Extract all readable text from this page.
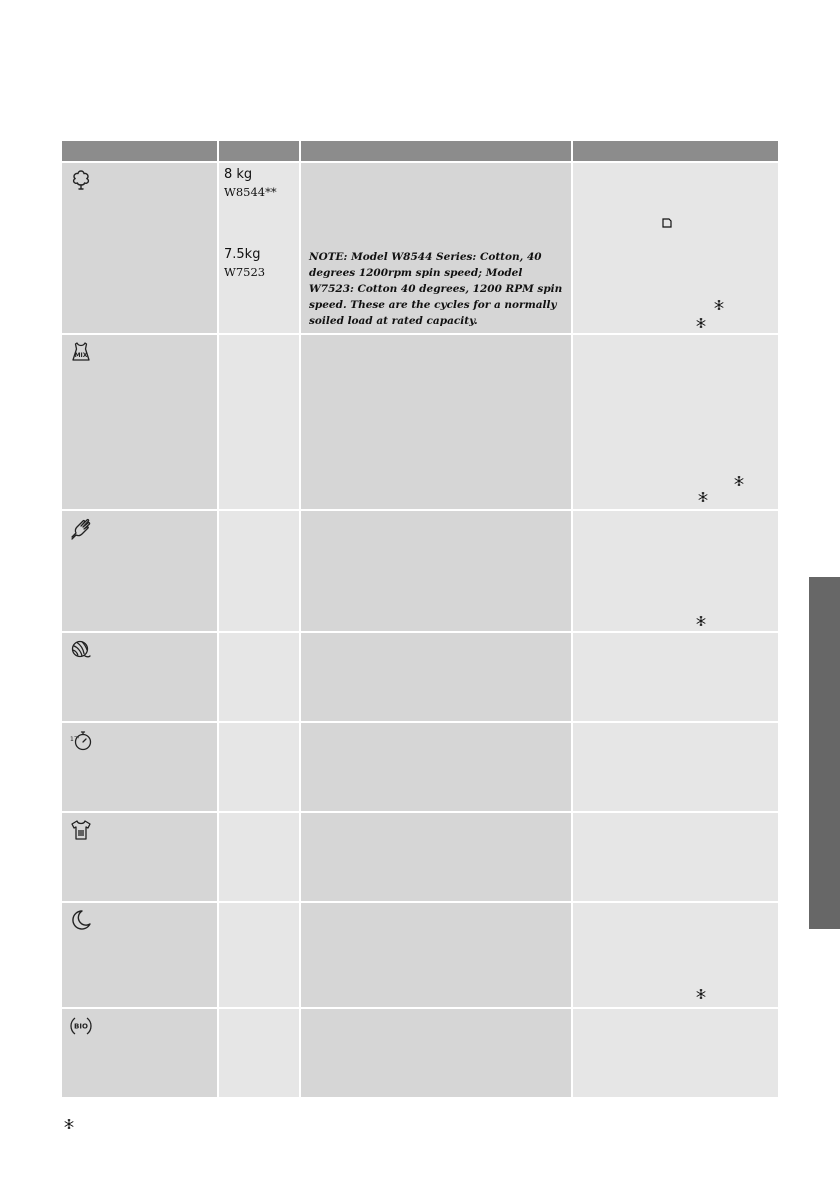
8 kg
W8544**
7.5kg
W7523
NOTE: Model W8544 Series: Cotton, 40 degrees 1200rpm spin speed; Model W7523: Cotton 40 degrees, 1200 RPM spin speed. These are the cycles for a normally soiled load at rated capacity.
MIX
17'
BIO
